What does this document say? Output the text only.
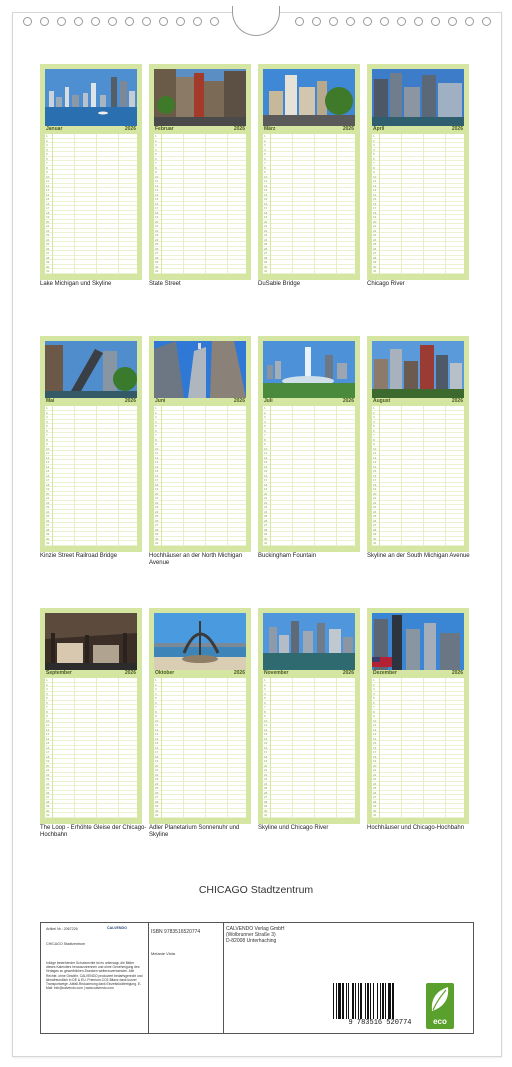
Januar	2026
1
2
3
4
5
6
7
8
9
10
11
12
13
14
15
16
17
18
19
20
21
22
23
24
25
26
27
28
29
30
31

Lake Michigan und Skyline
Februar	2026
1
2
3
4
5
6
7
8
9
10
11
12
13
14
15
16
17
18
19
20
21
22
23
24
25
26
27
28
29
30
31

State Street
März	2026
1
2
3
4
5
6
7
8
9
10
11
12
13
14
15
16
17
18
19
20
21
22
23
24
25
26
27
28
29
30
31

DuSable Bridge
April	2026
1
2
3
4
5
6
7
8
9
10
11
12
13
14
15
16
17
18
19
20
21
22
23
24
25
26
27
28
29
30
31

Chicago River
Mai	2026
1
2
3
4
5
6
7
8
9
10
11
12
13
14
15
16
17
18
19
20
21
22
23
24
25
26
27
28
29
30
31

Kinzie Street Railroad Bridge
Juni	2026
1
2
3
4
5
6
7
8
9
10
11
12
13
14
15
16
17
18
19
20
21
22
23
24
25
26
27
28
29
30
31

Hochhäuser an der North Michigan Avenue
Juli	2026
1
2
3
4
5
6
7
8
9
10
11
12
13
14
15
16
17
18
19
20
21
22
23
24
25
26
27
28
29
30
31

Buckingham Fountain
August	2026
1
2
3
4
5
6
7
8
9
10
11
12
13
14
15
16
17
18
19
20
21
22
23
24
25
26
27
28
29
30
31

Skyline an der South Michigan Avenue
September	2026
1
2
3
4
5
6
7
8
9
10
11
12
13
14
15
16
17
18
19
20
21
22
23
24
25
26
27
28
29
30
31

The Loop - Erhöhte Gleise der Chicago-Hochbahn
Oktober	2026
1
2
3
4
5
6
7
8
9
10
11
12
13
14
15
16
17
18
19
20
21
22
23
24
25
26
27
28
29
30
31

Adler Planetarium Sonnenuhr und Skyline
November	2026
1
2
3
4
5
6
7
8
9
10
11
12
13
14
15
16
17
18
19
20
21
22
23
24
25
26
27
28
29
30
31

Skyline und Chicago River
Dezember	2026
1
2
3
4
5
6
7
8
9
10
11
12
13
14
15
16
17
18
19
20
21
22
23
24
25
26
27
28
29
30
31

Hochhäuser und Chicago-Hochbahn
CHICAGO Stadtzentrum
Artikel Nr.: 2067226	CALVENDO
CHICAGO Stadtzentrum
Infolge bestehender Schutzrechte ist es untersagt, die Bilder dieses Kalenders herauszutrennen und ohne Genehmigung des Verlages zu gewerblichen Zwecken weiterzuverwenden. Alle Rechte, ohne Gewähr. CALVENDO produziert bedarfsgerecht und klimafreundlich in DE & EU. Premium-CO2-Bilanz dank kurzer Transportwege. Abfall-Reduzierung dank Einzelstückfertigung. E-Mail: info@calvendo.com | www.calvendo.com
ISBN 9783516520774
Melanie Viola
CALVENDO Verlag GmbH
(Wolbrunner Straße 3)
D-82008 Unterhaching
9 783516 520774	eco
